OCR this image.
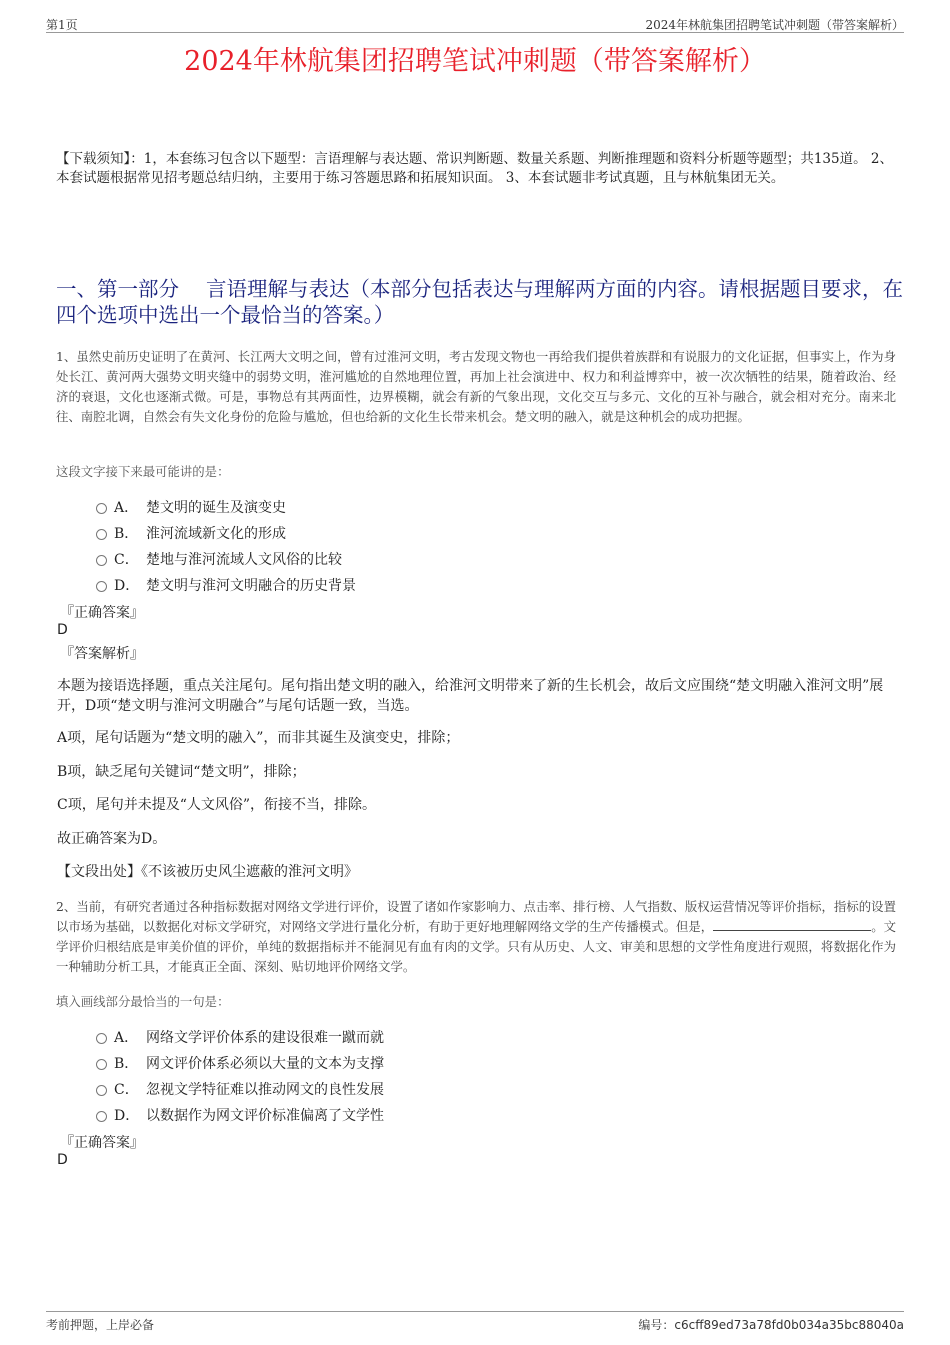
第1页	2024年林航集团招聘笔试冲刺题（带答案解析）
2024年林航集团招聘笔试冲刺题（带答案解析）
【下载须知】：1，本套练习包含以下题型：言语理解与表达题、常识判断题、数量关系题、判断推理题和资料分析题等题型；共135道。 2、本套试题根据常见招考题总结归纳，主要用于练习答题思路和拓展知识面。 3、本套试题非考试真题，且与林航集团无关。
一、第一部分　 言语理解与表达（本部分包括表达与理解两方面的内容。请根据题目要求，在四个选项中选出一个最恰当的答案。）
1、虽然史前历史证明了在黄河、长江两大文明之间，曾有过淮河文明，考古发现文物也一再给我们提供着族群和有说服力的文化证据，但事实上，作为身处长江、黄河两大强势文明夹缝中的弱势文明，淮河尴尬的自然地理位置，再加上社会演进中、权力和利益博弈中，被一次次牺牲的结果，随着政治、经济的衰退，文化也逐渐式微。可是，事物总有其两面性，边界模糊，就会有新的气象出现，文化交互与多元、文化的互补与融合，就会相对充分。南来北往、南腔北调，自然会有失文化身份的危险与尴尬，但也给新的文化生长带来机会。楚文明的融入，就是这种机会的成功把握。
这段文字接下来最可能讲的是：
A． 楚文明的诞生及演变史
B． 淮河流域新文化的形成
C． 楚地与淮河流域人文风俗的比较
D． 楚文明与淮河文明融合的历史背景
『正确答案』
D
『答案解析』
本题为接语选择题，重点关注尾句。尾句指出楚文明的融入，给淮河文明带来了新的生长机会，故后文应围绕“楚文明融入淮河文明”展开，D项“楚文明与淮河文明融合”与尾句话题一致，当选。
A项，尾句话题为“楚文明的融入”，而非其诞生及演变史，排除；
B项，缺乏尾句关键词“楚文明”，排除；
C项，尾句并未提及“人文风俗”，衔接不当，排除。
故正确答案为D。
【文段出处】《不该被历史风尘遮蔽的淮河文明》
2、当前，有研究者通过各种指标数据对网络文学进行评价，设置了诸如作家影响力、点击率、排行榜、人气指数、版权运营情况等评价指标，指标的设置以市场为基础，以数据化对标文学研究，对网络文学进行量化分析，有助于更好地理解网络文学的生产传播模式。但是，	。文学评价归根结底是审美价值的评价，单纯的数据指标并不能洞见有血有肉的文学。只有从历史、人文、审美和思想的文学性角度进行观照，将数据化作为一种辅助分析工具，才能真正全面、深刻、贴切地评价网络文学。
填入画线部分最恰当的一句是：
A． 网络文学评价体系的建设很难一蹴而就
B． 网文评价体系必须以大量的文本为支撑
C． 忽视文学特征难以推动网文的良性发展
D． 以数据作为网文评价标准偏离了文学性
『正确答案』
D
考前押题，上岸必备	编号：c6cff89ed73a78fd0b034a35bc88040a
